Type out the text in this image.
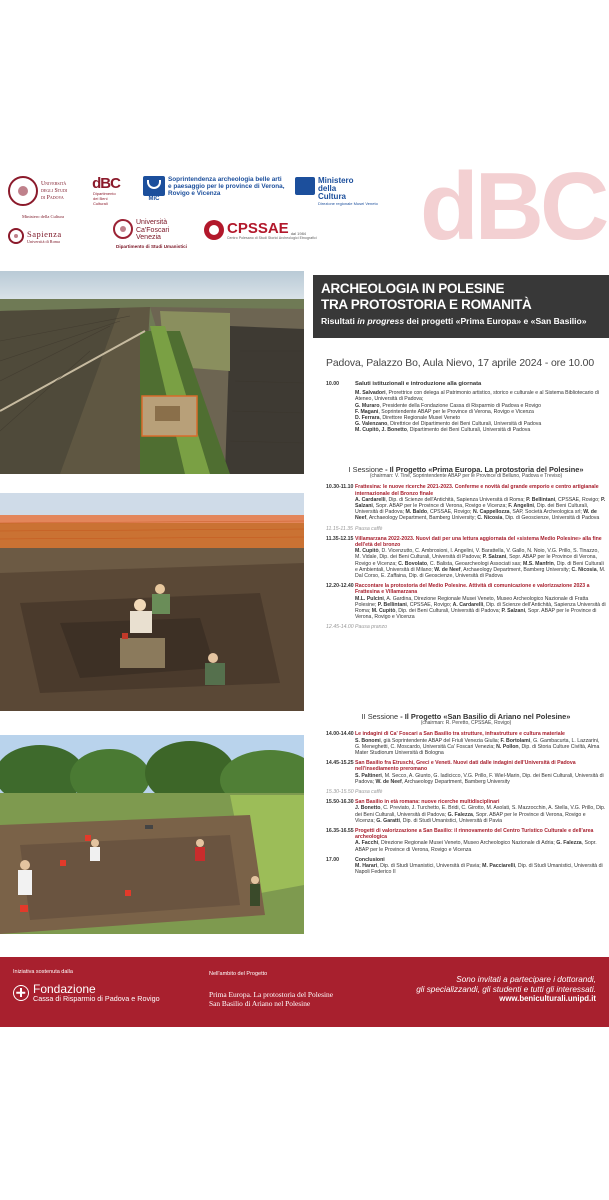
dBC
Università
degli Studi
di Padova
dBC
Dipartimento dei Beni Culturali
MiC
Soprintendenza archeologia belle arti e paesaggio per le province di Verona, Rovigo e Vicenza
Ministero
della
Cultura
Direzione regionale Musei Veneto
Ministero della Cultura
Sapienza
Università di Roma
Università
Ca'Foscari
Venezia
Dipartimento di Studi Umanistici
CPSSAE dal 1984
Centro Polesano di Studi Storici Archeologici Etnografici
ARCHEOLOGIA IN POLESINE
TRA PROTOSTORIA E ROMANITÀ
Risultati in progress dei progetti «Prima Europa» e «San Basilio»
Padova, Palazzo Bo, Aula Nievo, 17 aprile 2024 - ore 10.00
10.00	Saluti istituzionali e introduzione alla giornata
M. Salvadori, Prorettrice con delega al Patrimonio artistico, storico e culturale e al Sistema Bibliotecario di Ateneo, Università di Padova;
G. Muraro, Presidente della Fondazione Cassa di Risparmio di Padova e Rovigo
F. Magani, Soprintendente ABAP per le Province di Verona, Rovigo e Vicenza
D. Ferrara, Direttore Regionale Musei Veneto
G. Valenzano, Direttrice del Dipartimento dei Beni Culturali, Università di Padova
M. Cupitò, J. Bonetto, Dipartimento dei Beni Culturali, Università di Padova
I Sessione - Il Progetto «Prima Europa. La protostoria del Polesine»
(chairman: V. Tiné, Soprintendente ABAP per le Province di Belluno, Padova e Treviso)
10.30-11.10 Frattesina: le nuove ricerche 2021-2023. Conferme e novità dal grande emporio e centro artigianale internazionale del Bronzo finale
A. Cardarelli, Dip. di Scienze dell'Antichità, Sapienza Università di Roma; P. Bellintani, CPSSAE, Rovigo; P. Salzani, Sopr. ABAP per le Province di Verona, Rovigo e Vicenza; F. Angelini, Dip. dei Beni Culturali, Università di Padova; M. Baldo, CPSSAE, Rovigo; N. Cappellozza, SAP, Società Archeologica srl; W. de Neef, Archaeology Department, Bamberg University; C. Nicosia, Dip. di Geoscienze, Università di Padova
11.15-11.35 Pausa caffè
11.35-12.15 Villamarzana 2022-2023. Nuovi dati per una lettura aggiornata del «sistema Medio Polesine» alla fine dell'età del bronzo
M. Cupitò, D. Vicenzutto, C. Ambrosioni, I. Angelini, V. Barattella, V. Gallo, N. Noio, V.G. Prillo, S. Tinazzo, M. Vidale, Dip. dei Beni Culturali, Università di Padova; P. Salzani, Sopr. ABAP per le Province di Verona, Rovigo e Vicenza; C. Bovolato, C. Balista, Geoarcheologi Associati sas; M.S. Manfrin, Dip. di Beni Culturali e Ambientali, Università di Milano; W. de Neef, Archaeology Department, Bamberg University; C. Nicosia, M. Dal Corso, E. Zaffaina, Dip. di Geoscienze, Università di Padova
12.20-12.40 Raccontare la protostoria del Medio Polesine. Attività di comunicazione e valorizzazione 2023 a Frattesina e Villamarzana
M.L. Pulcini, A. Gardina, Direzione Regionale Musei Veneto, Museo Archeologico Nazionale di Fratta Polesine; P. Bellintani, CPSSAE, Rovigo; A. Cardarelli, Dip. di Scienze dell'Antichità, Sapienza Università di Roma; M. Cupitò, Dip. dei Beni Culturali, Università di Padova; P. Salzani, Sopr. ABAP per le Province di Verona, Rovigo e Vicenza
12.45-14.00 Pausa pranzo
II Sessione - Il Progetto «San Basilio di Ariano nel Polesine»
(chairman: R. Peretto, CPSSAE, Rovigo)
14.00-14.40 Le indagini di Ca' Foscari a San Basilio tra strutture, infrastrutture e cultura materiale
S. Bonomi, già Soprintendente ABAP del Friuli Venezia Giulia; F. Bortolami, G. Gambacurta, L. Lazzarini, G. Meneghetti, C. Moscardo, Università Ca' Foscari Venezia; N. Pollon, Dip. di Storia Culture Civiltà, Alma Mater Studiorum Università di Bologna
14.45-15.25 San Basilio fra Etruschi, Greci e Veneti. Nuovi dati dalle indagini dell'Università di Padova nell'insediamento preromano
S. Paltineri, M. Secco, A. Giunto, G. Iadicicco, V.G. Prillo, F. Wiel-Marin, Dip. dei Beni Culturali, Università di Padova; W. de Neef, Archaeology Department, Bamberg University
15.30-15.50 Pausa caffè
15.50-16.30 San Basilio in età romana: nuove ricerche multidisciplinari
J. Bonetto, C. Previato, J. Turchetto, E. Bridi, C. Girotto, M. Asolati, S. Mazzocchin, A. Stella, V.G. Prillo, Dip. dei Beni Culturali, Università di Padova; G. Falezza, Sopr. ABAP per le Province di Verona, Rovigo e Vicenza; G. Garatti, Dip. di Studi Umanistici, Università di Pavia
16.35-16.55 Progetti di valorizzazione a San Basilio: il rinnovamento del Centro Turistico Culturale e dell'area archeologica
A. Facchi, Direzione Regionale Musei Veneto, Museo Archeologico Nazionale di Adria; G. Falezza, Sopr. ABAP per le Province di Verona, Rovigo e Vicenza
17.00	Conclusioni
M. Harari, Dip. di Studi Umanistici, Università di Pavia; M. Pacciarelli, Dip. di Studi Umanistici, Università di Napoli Federico II
Iniziativa sostenuta dalla
Fondazione
Cassa di Risparmio di Padova e Rovigo
Nell'ambito del Progetto
Prima Europa. La protostoria del Polesine
San Basilio di Ariano nel Polesine
Sono invitati a partecipare i dottorandi,
gli specializzandi, gli studenti e tutti gli interessati.
www.beniculturali.unipd.it
